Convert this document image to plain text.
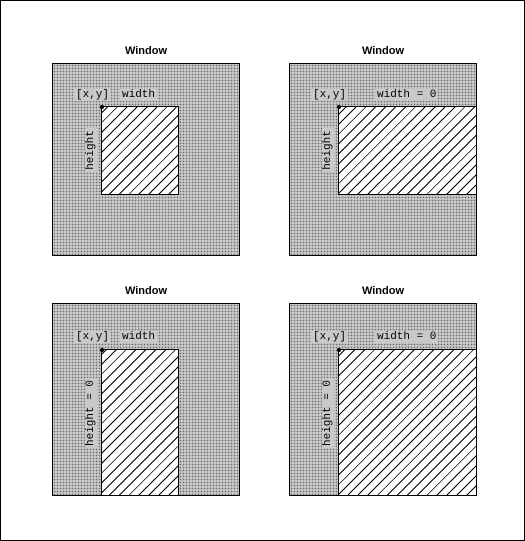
Window
[x,y] width
height
Window
[x,y]	width = 0
height
Window
[x,y] width
height = 0
Window
[x,y]	width = 0
height = 0
